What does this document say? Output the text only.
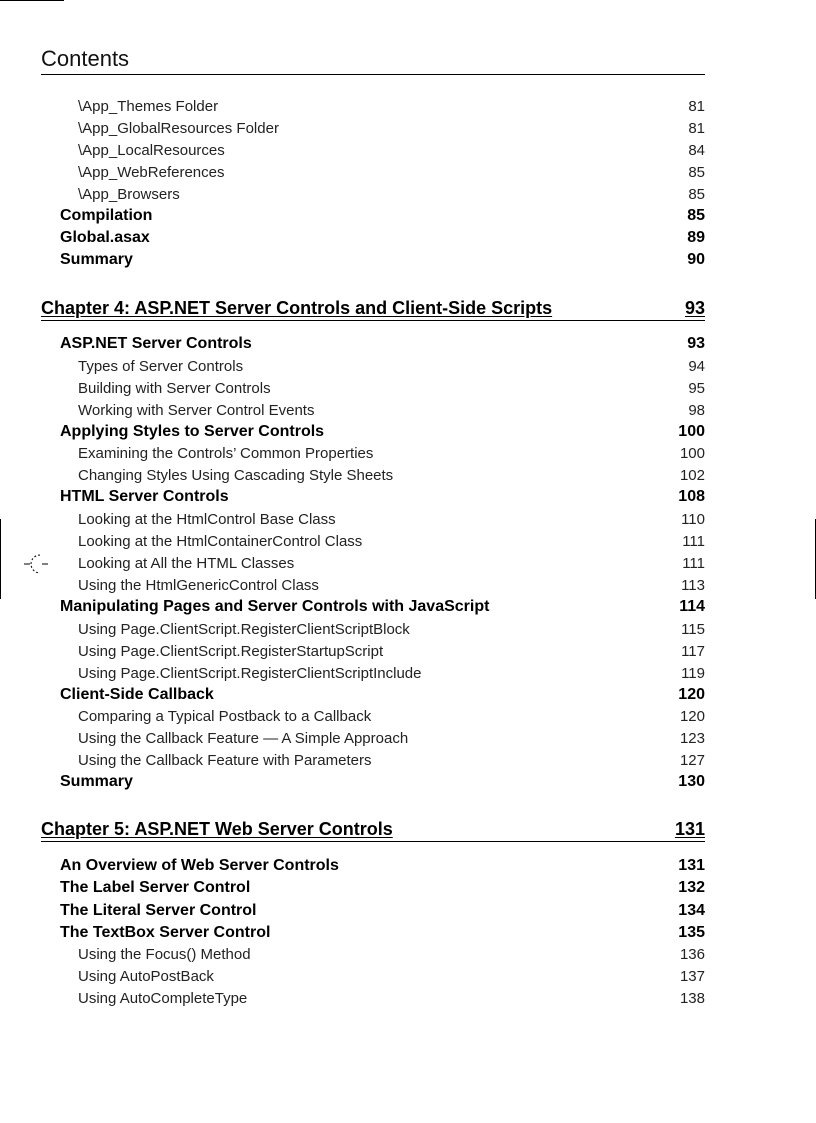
Contents
\App_Themes Folder	81
\App_GlobalResources Folder	81
\App_LocalResources	84
\App_WebReferences	85
\App_Browsers	85
Compilation	85
Global.asax	89
Summary	90
Chapter 4: ASP.NET Server Controls and Client-Side Scripts	93
ASP.NET Server Controls	93
Types of Server Controls	94
Building with Server Controls	95
Working with Server Control Events	98
Applying Styles to Server Controls	100
Examining the Controls’ Common Properties	100
Changing Styles Using Cascading Style Sheets	102
HTML Server Controls	108
Looking at the HtmlControl Base Class	110
Looking at the HtmlContainerControl Class	111
Looking at All the HTML Classes	111
Using the HtmlGenericControl Class	113
Manipulating Pages and Server Controls with JavaScript	114
Using Page.ClientScript.RegisterClientScriptBlock	115
Using Page.ClientScript.RegisterStartupScript	117
Using Page.ClientScript.RegisterClientScriptInclude	119
Client-Side Callback	120
Comparing a Typical Postback to a Callback	120
Using the Callback Feature — A Simple Approach	123
Using the Callback Feature with Parameters	127
Summary	130
Chapter 5: ASP.NET Web Server Controls	131
An Overview of Web Server Controls	131
The Label Server Control	132
The Literal Server Control	134
The TextBox Server Control	135
Using the Focus() Method	136
Using AutoPostBack	137
Using AutoCompleteType	138
